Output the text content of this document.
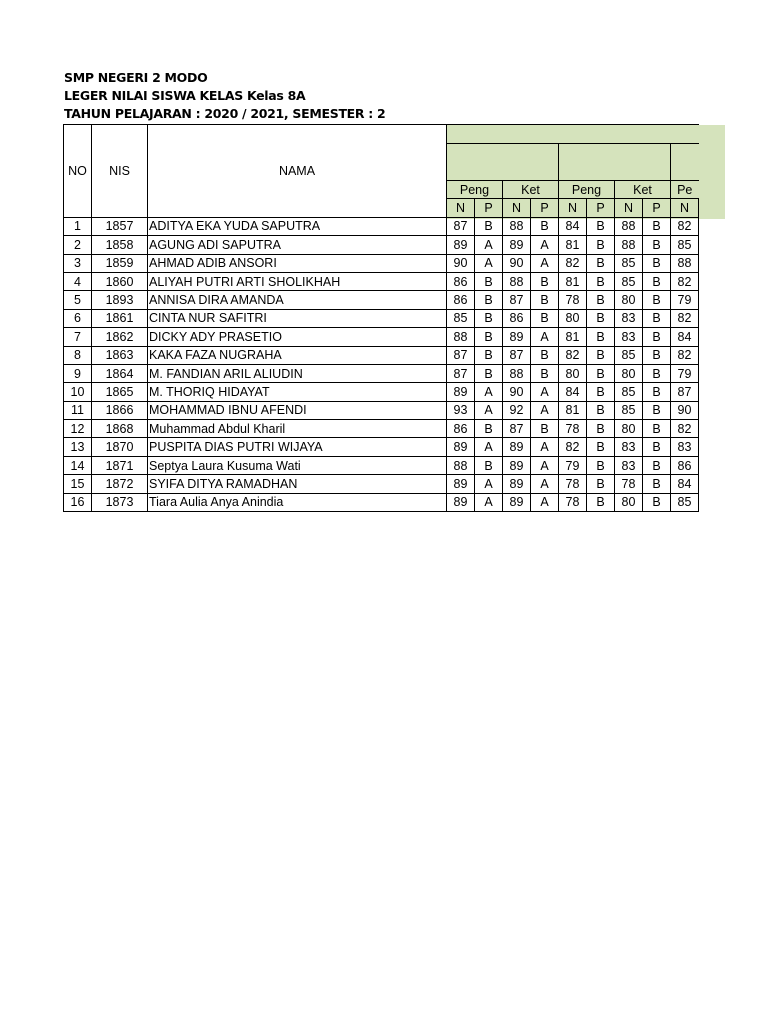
SMP NEGERI 2 MODO
LEGER NILAI SISWA KELAS Kelas 8A
TAHUN PELAJARAN : 2020 / 2021, SEMESTER : 2
NO	NIS	NAMA									

			Peng		Ket		Peng		Ket		Pe
			N	P	N	P	N	P	N	P	N
1	1857	ADITYA EKA YUDA SAPUTRA	87	B	88	B	84	B	88	B	82
2	1858	AGUNG ADI SAPUTRA	89	A	89	A	81	B	88	B	85
3	1859	AHMAD ADIB ANSORI	90	A	90	A	82	B	85	B	88
4	1860	ALIYAH PUTRI ARTI SHOLIKHAH	86	B	88	B	81	B	85	B	82
5	1893	ANNISA DIRA AMANDA	86	B	87	B	78	B	80	B	79
6	1861	CINTA NUR SAFITRI	85	B	86	B	80	B	83	B	82
7	1862	DICKY ADY PRASETIO	88	B	89	A	81	B	83	B	84
8	1863	KAKA FAZA NUGRAHA	87	B	87	B	82	B	85	B	82
9	1864	M. FANDIAN ARIL ALIUDIN	87	B	88	B	80	B	80	B	79
10	1865	M. THORIQ HIDAYAT	89	A	90	A	84	B	85	B	87
11	1866	MOHAMMAD IBNU AFENDI	93	A	92	A	81	B	85	B	90
12	1868	Muhammad Abdul Kharil	86	B	87	B	78	B	80	B	82
13	1870	PUSPITA DIAS PUTRI WIJAYA	89	A	89	A	82	B	83	B	83
14	1871	Septya Laura Kusuma Wati	88	B	89	A	79	B	83	B	86
15	1872	SYIFA DITYA RAMADHAN	89	A	89	A	78	B	78	B	84
16	1873	Tiara Aulia Anya Anindia	89	A	89	A	78	B	80	B	85
